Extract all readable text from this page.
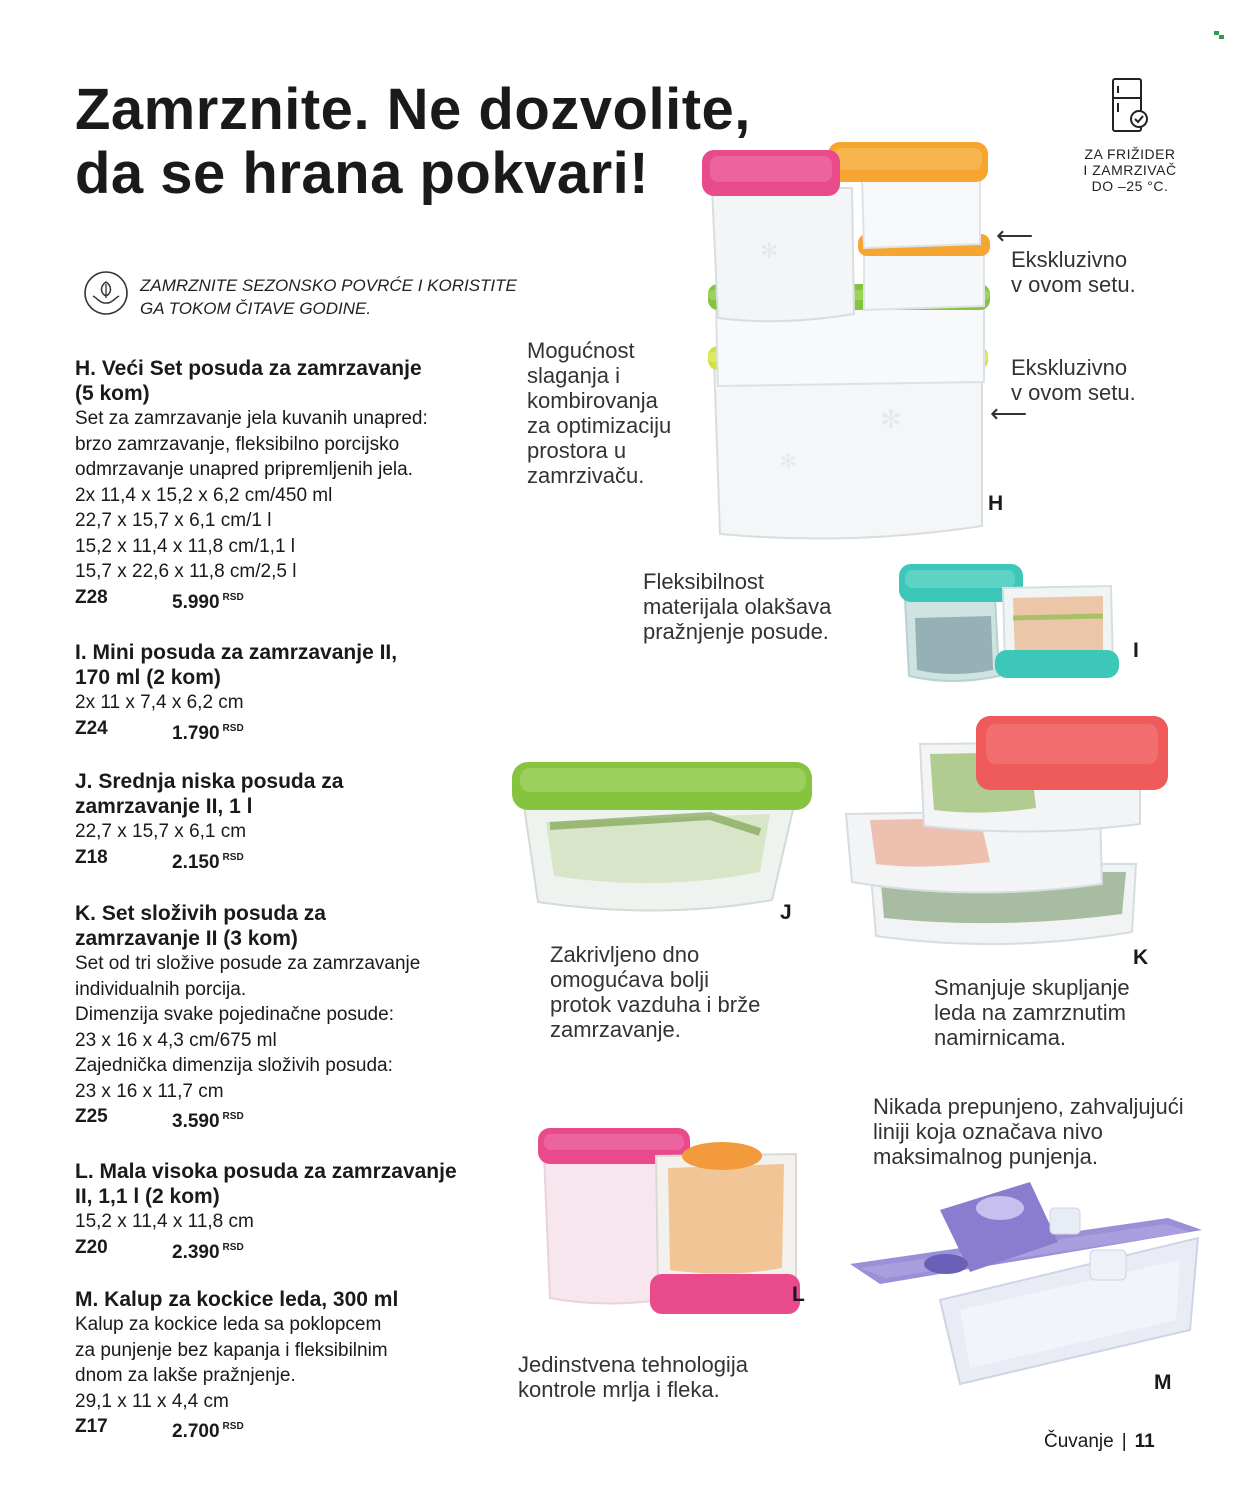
Zamrznite. Ne dozvolite,
da se hrana pokvari!	ZA FRIŽIDER
I ZAMRZIVAČ
DO –25 °C.
ZAMRZNITE SEZONSKO POVRĆE I KORISTITE
GA TOKOM ČITAVE GODINE.
H. Veći Set posuda za zamrzavanje
(5 kom)
Set za zamrzavanje jela kuvanih unapred:
brzo zamrzavanje, fleksibilno porcijsko
odmrzavanje unapred pripremljenih jela.
2x 11,4 x 15,2 x 6,2 cm/450 ml
22,7 x 15,7 x 6,1 cm/1 l
15,2 x 11,4 x 11,8 cm/1,1 l
15,7 x 22,6 x 11,8 cm/2,5 l
Z28	5.990 $^{RSD}$
I. Mini posuda za zamrzavanje II,
170 ml (2 kom)
2x 11 x 7,4 x 6,2 cm
Z24	1.790 $^{RSD}$
J. Srednja niska posuda za
zamrzavanje II, 1 l
22,7 x 15,7 x 6,1 cm
Z18	2.150 $^{RSD}$
K. Set složivih posuda za
zamrzavanje II (3 kom)
Set od tri složive posude za zamrzavanje
individualnih porcija.
Dimenzija svake pojedinačne posude:
23 x 16 x 4,3 cm/675 ml
Zajednička dimenzija složivih posuda:
23 x 16 x 11,7 cm
Z25	3.590 $^{RSD}$
L. Mala visoka posuda za zamrzavanje
II, 1,1 l (2 kom)
15,2 x 11,4 x 11,8 cm
Z20	2.390 $^{RSD}$
M. Kalup za kockice leda, 300 ml
Kalup za kockice leda sa poklopcem
za punjenje bez kapanja i fleksibilnim
dnom za lakše pražnjenje.
29,1 x 11 x 4,4 cm
Z17	2.700 $^{RSD}$
✻
✻
✻
⟵
Ekskluzivno
v ovom setu.
Ekskluzivno
v ovom setu.
⟵
Mogućnost
slaganja i
kombirovanja
za optimizaciju
prostora u
zamrzivaču.
H
Fleksibilnost
materijala olakšava
pražnjenje posude.
I
J
Zakrivljeno dno
omogućava bolji
protok vazduha i brže
zamrzavanje.
K
Smanjuje skupljanje
leda na zamrznutim
namirnicama.
Nikada prepunjeno, zahvaljujući
liniji koja označava nivo
maksimalnog punjenja.
L
Jedinstvena tehnologija
kontrole mrlja i fleka.	M
Čuvanje | 11
